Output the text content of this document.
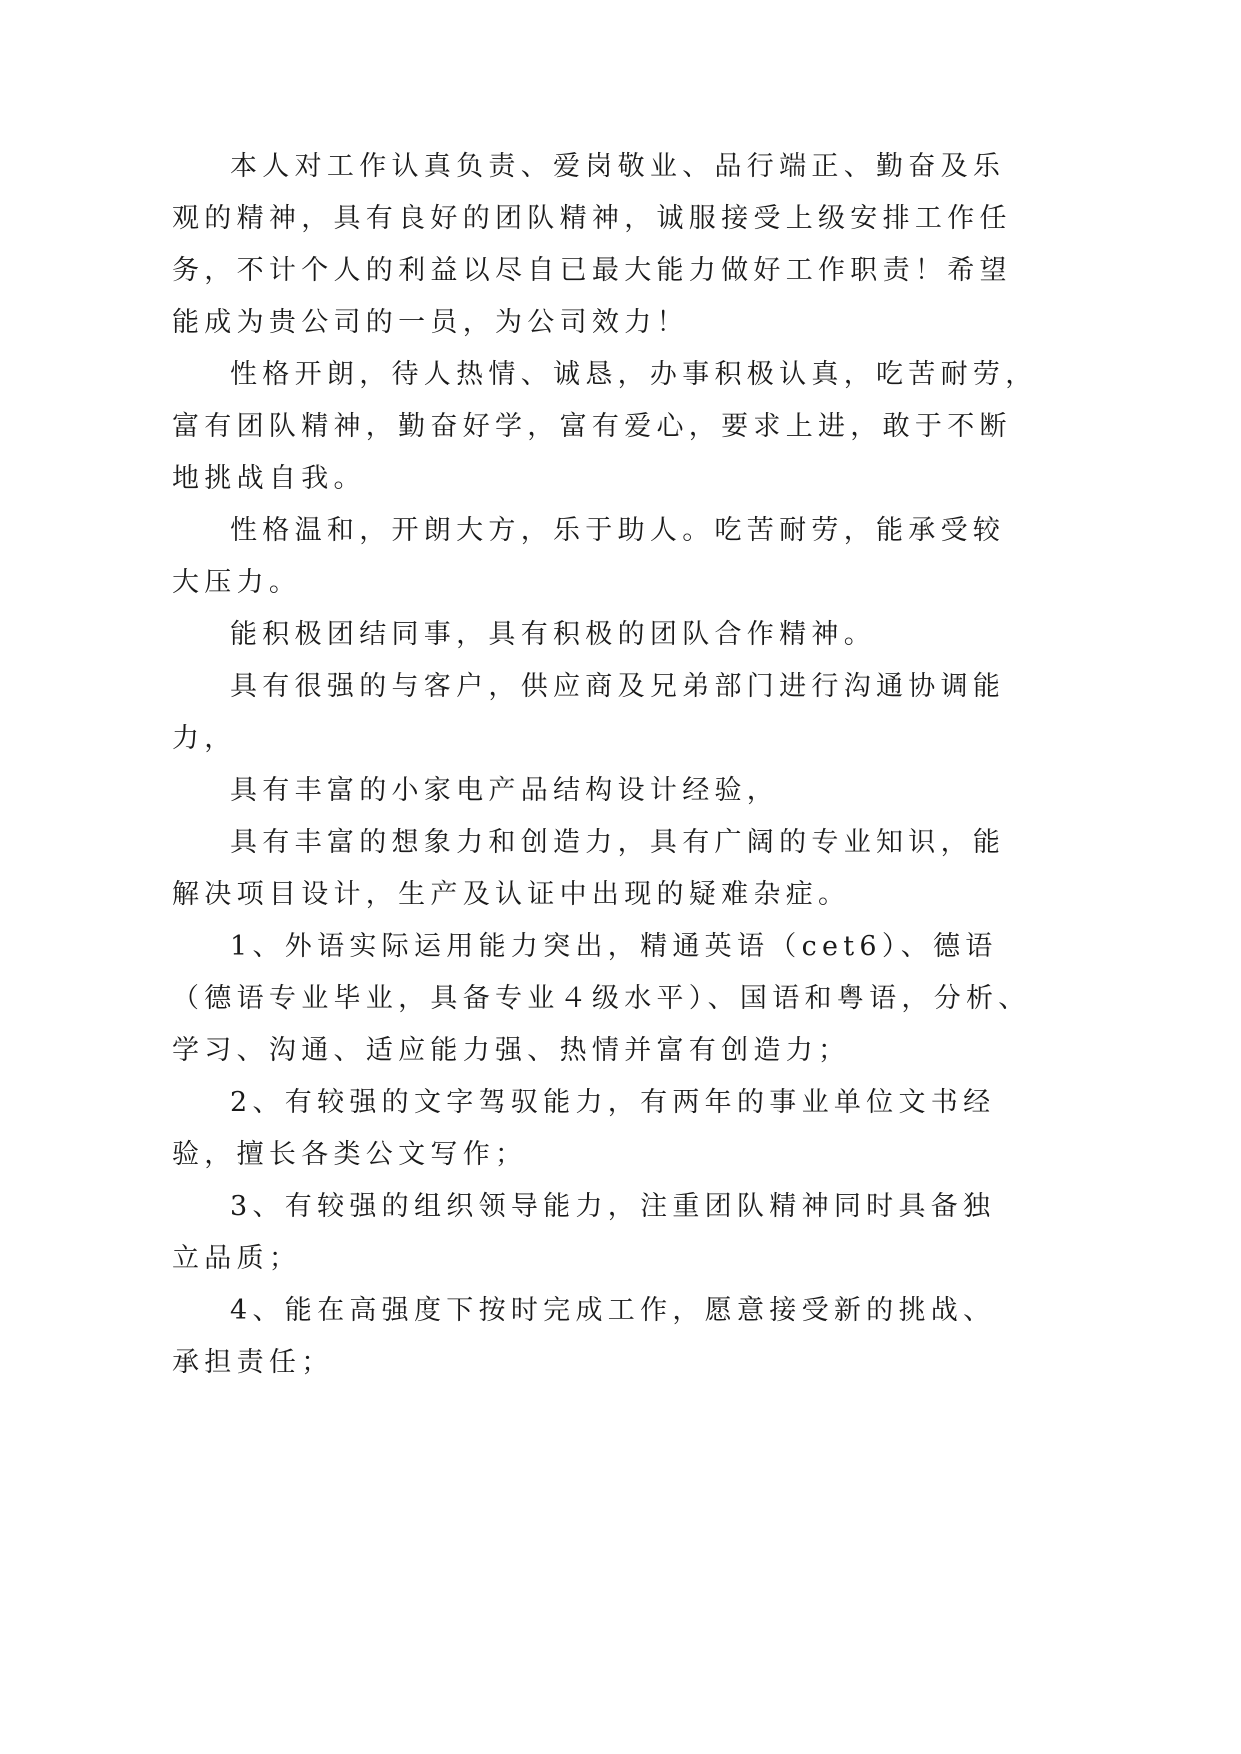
本人对工作认真负责、爱岗敬业、品行端正、勤奋及乐
观的精神，具有良好的团队精神，诚服接受上级安排工作任
务，不计个人的利益以尽自已最大能力做好工作职责！希望
能成为贵公司的一员，为公司效力！

性格开朗，待人热情、诚恳，办事积极认真，吃苦耐劳，
富有团队精神，勤奋好学，富有爱心，要求上进，敢于不断
地挑战自我。

性格温和，开朗大方，乐于助人。吃苦耐劳，能承受较
大压力。

能积极团结同事，具有积极的团队合作精神。

具有很强的与客户，供应商及兄弟部门进行沟通协调能
力，

具有丰富的小家电产品结构设计经验，

具有丰富的想象力和创造力，具有广阔的专业知识，能
解决项目设计，生产及认证中出现的疑难杂症。

1、外语实际运用能力突出，精通英语（cet6）、德语
（德语专业毕业，具备专业４级水平）、国语和粤语，分析、
学习、沟通、适应能力强、热情并富有创造力；

2、有较强的文字驾驭能力，有两年的事业单位文书经
验，擅长各类公文写作；

3、有较强的组织领导能力，注重团队精神同时具备独
立品质；

4、能在高强度下按时完成工作，愿意接受新的挑战、
承担责任；
